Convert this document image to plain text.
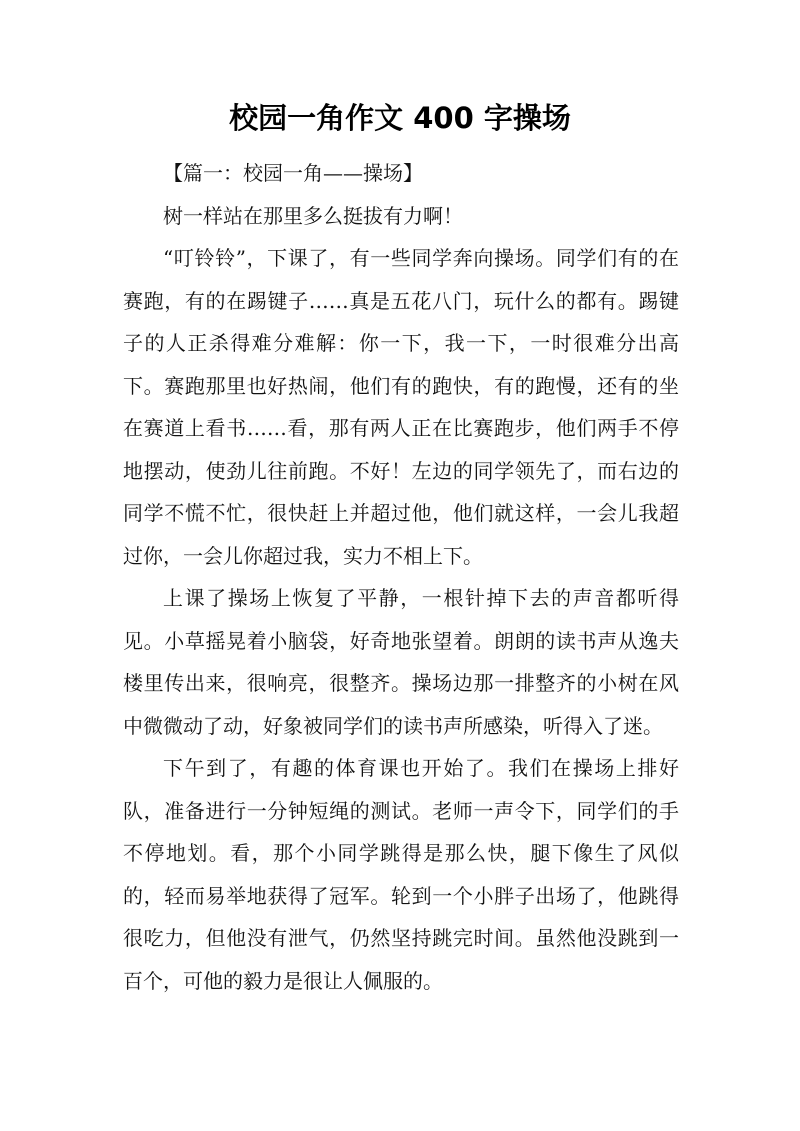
校园一角作文 400 字操场

【篇一：校园一角——操场】

树一样站在那里多么挺拔有力啊！

“叮铃铃”，下课了，有一些同学奔向操场。同学们有的在赛跑，有的在踢键子……真是五花八门，玩什么的都有。踢键子的人正杀得难分难解：你一下，我一下，一时很难分出高下。赛跑那里也好热闹，他们有的跑快，有的跑慢，还有的坐在赛道上看书……看，那有两人正在比赛跑步，他们两手不停地摆动，使劲儿往前跑。不好！左边的同学领先了，而右边的同学不慌不忙，很快赶上并超过他，他们就这样，一会儿我超过你，一会儿你超过我，实力不相上下。

上课了操场上恢复了平静，一根针掉下去的声音都听得见。小草摇晃着小脑袋，好奇地张望着。朗朗的读书声从逸夫楼里传出来，很响亮，很整齐。操场边那一排整齐的小树在风中微微动了动，好象被同学们的读书声所感染，听得入了迷。

下午到了，有趣的体育课也开始了。我们在操场上排好队，准备进行一分钟短绳的测试。老师一声令下，同学们的手不停地划。看，那个小同学跳得是那么快，腿下像生了风似的，轻而易举地获得了冠军。轮到一个小胖子出场了，他跳得很吃力，但他没有泄气，仍然坚持跳完时间。虽然他没跳到一百个，可他的毅力是很让人佩服的。
